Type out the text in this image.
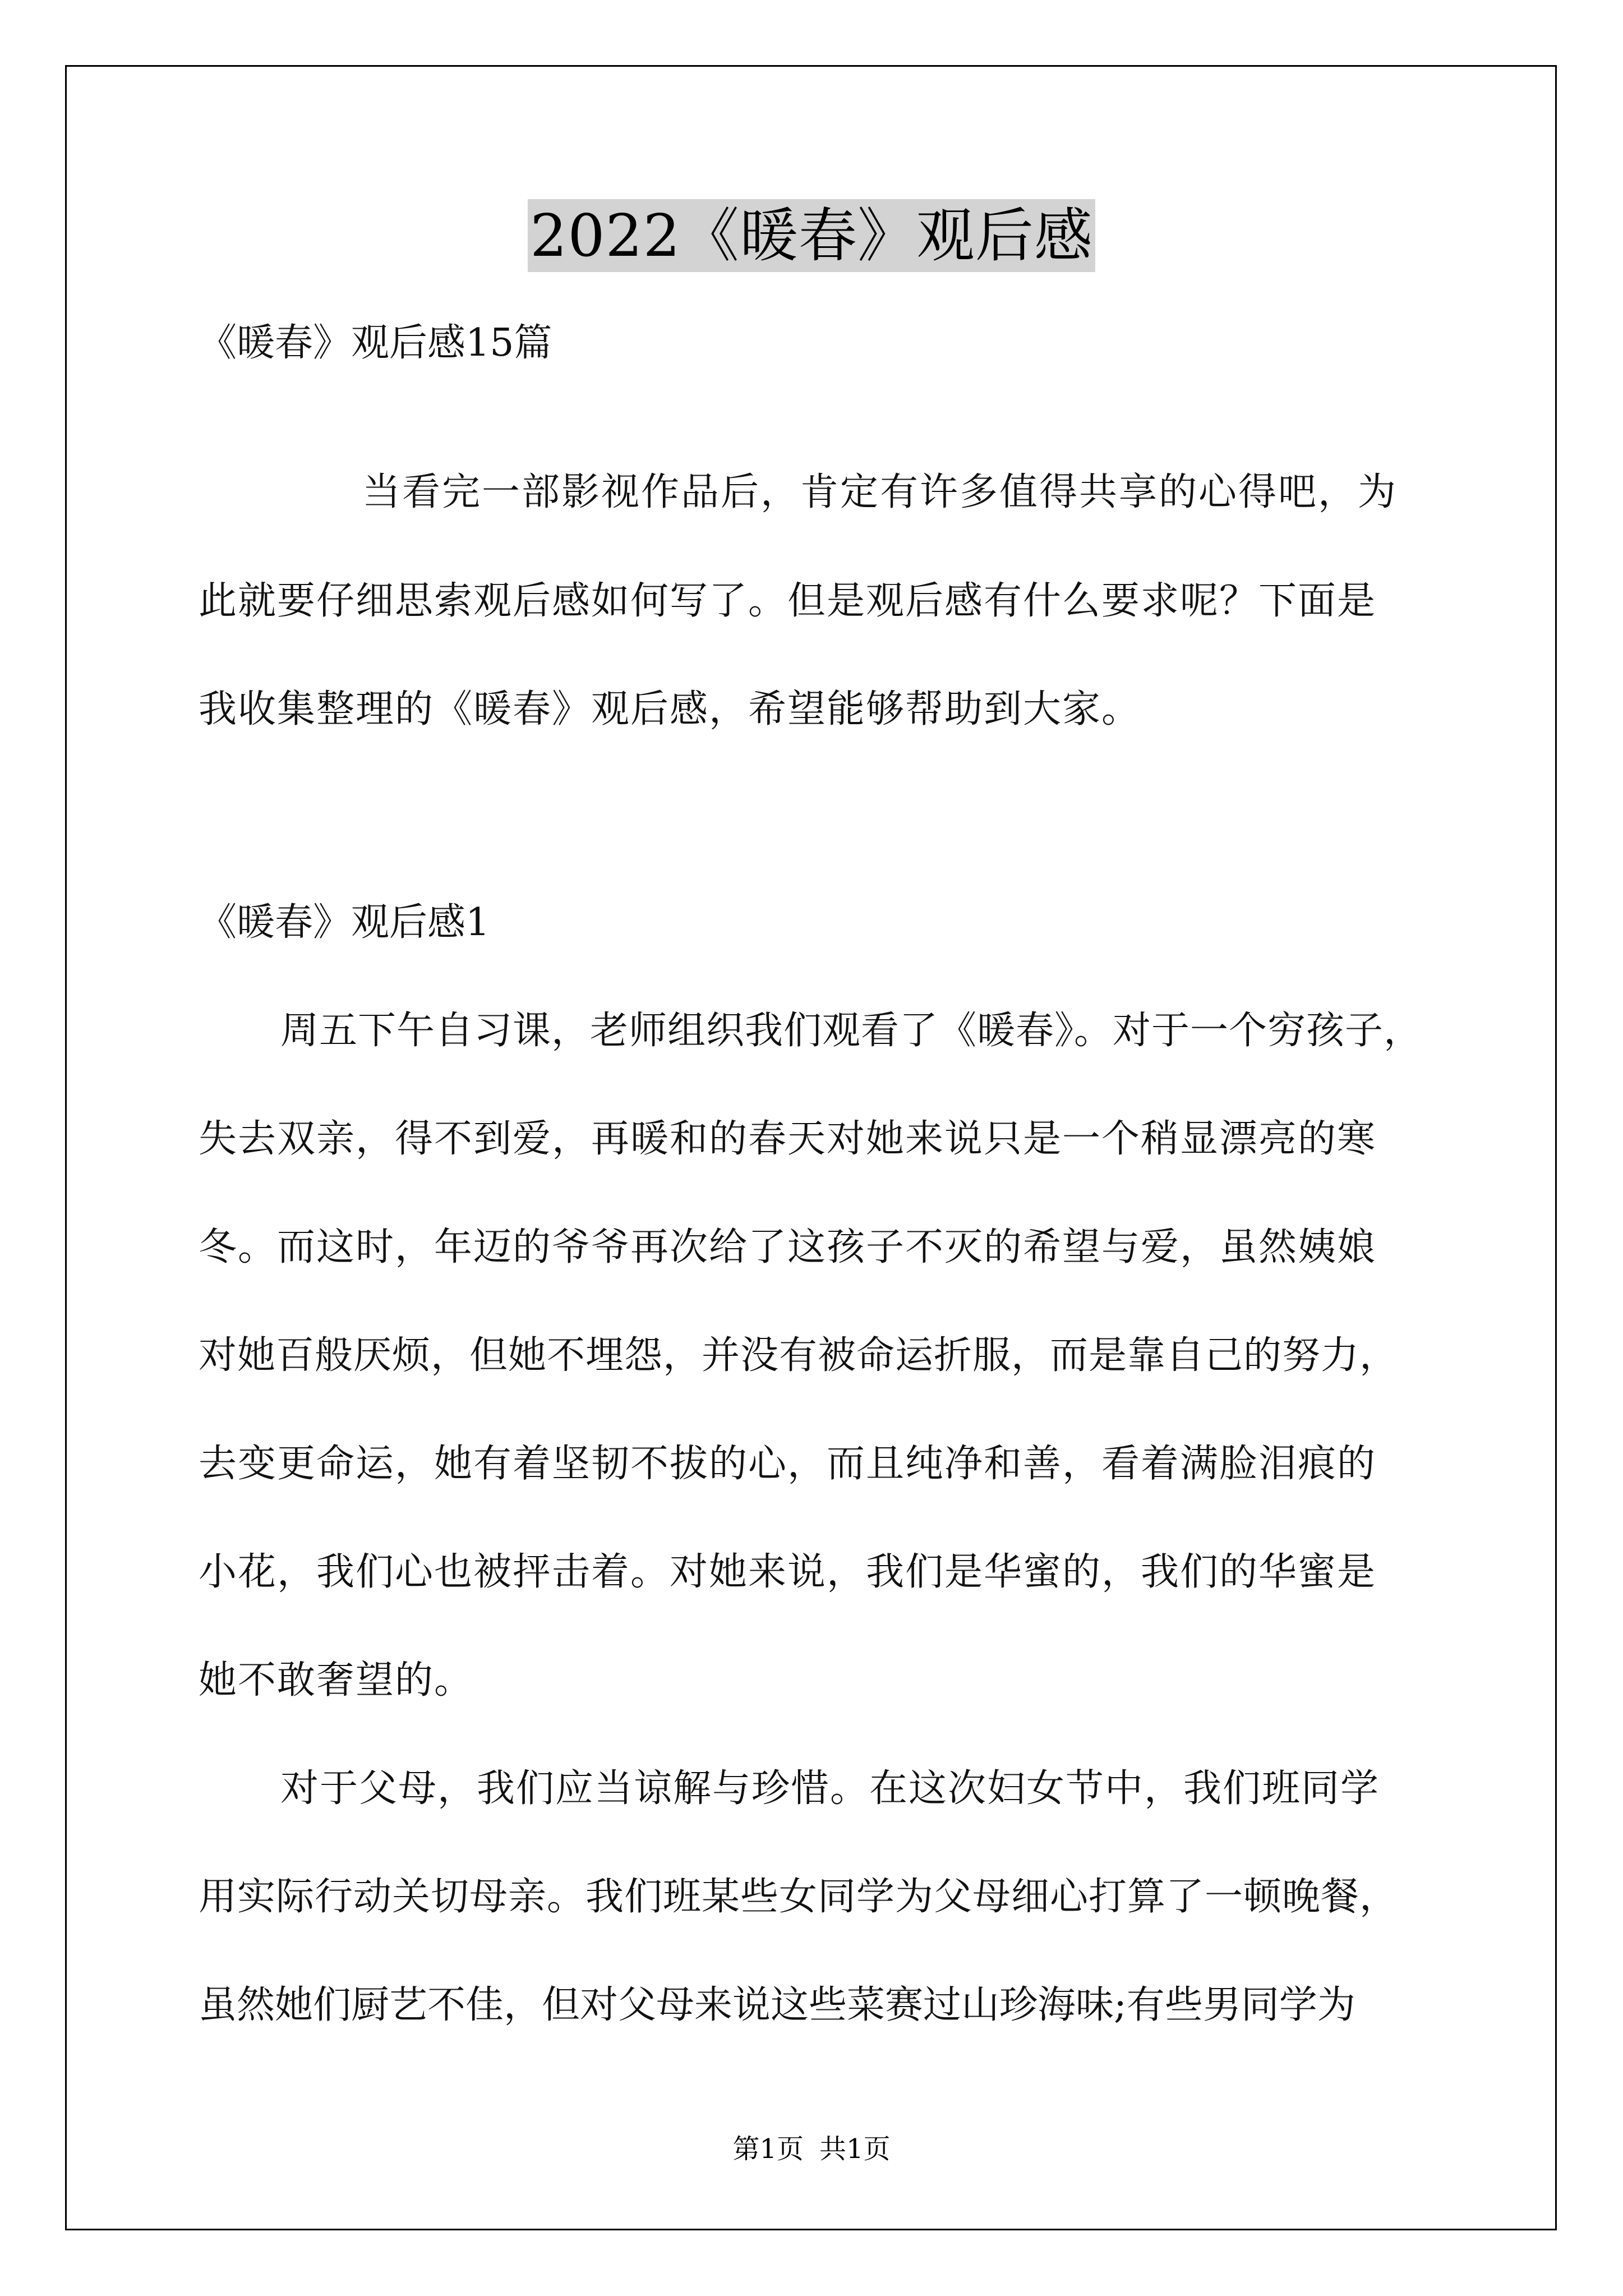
2022《暖春》观后感
《暖春》观后感15篇
当看完一部影视作品后，肯定有许多值得共享的心得吧，为
此就要仔细思索观后感如何写了。但是观后感有什么要求呢？下面是
我收集整理的《暖春》观后感，希望能够帮助到大家。
《暖春》观后感1
周五下午自习课，老师组织我们观看了《暖春》。对于一个穷孩子，
失去双亲，得不到爱，再暖和的春天对她来说只是一个稍显漂亮的寒
冬。而这时，年迈的爷爷再次给了这孩子不灭的希望与爱，虽然姨娘
对她百般厌烦，但她不埋怨，并没有被命运折服，而是靠自己的努力，
去变更命运，她有着坚韧不拔的心，而且纯净和善，看着满脸泪痕的
小花，我们心也被抨击着。对她来说，我们是华蜜的，我们的华蜜是
她不敢奢望的。
对于父母，我们应当谅解与珍惜。在这次妇女节中，我们班同学
用实际行动关切母亲。我们班某些女同学为父母细心打算了一顿晚餐，
虽然她们厨艺不佳，但对父母来说这些菜赛过山珍海味;有些男同学为
第1页 共1页
